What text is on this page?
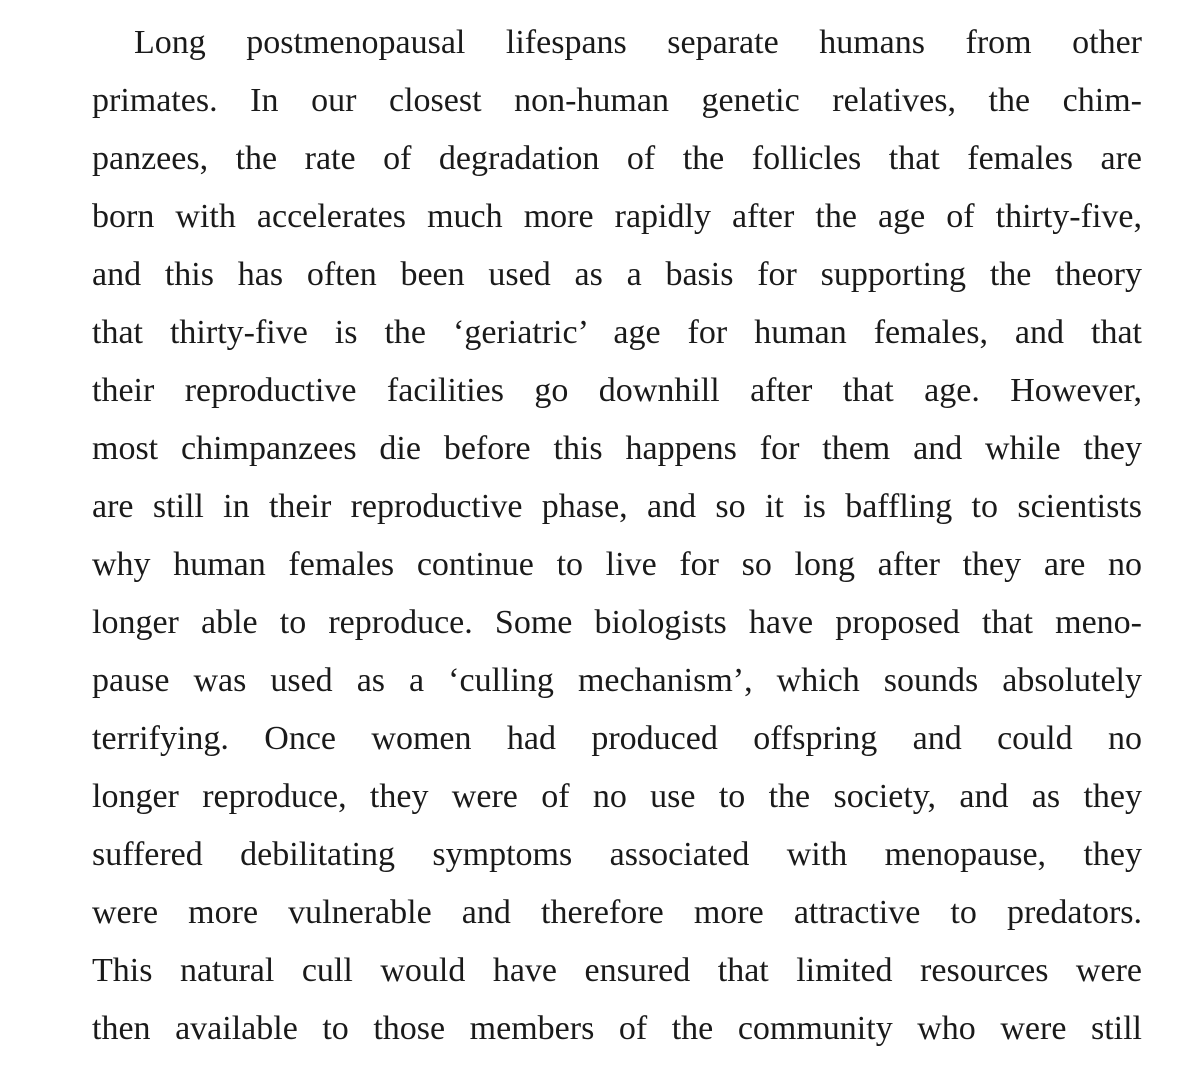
Long postmenopausal lifespans separate humans from other
primates. In our closest non-human genetic relatives, the chim-
panzees, the rate of degradation of the follicles that females are
born with accelerates much more rapidly after the age of thirty-five,
and this has often been used as a basis for supporting the theory
that thirty-five is the ‘geriatric’ age for human females, and that
their reproductive facilities go downhill after that age. However,
most chimpanzees die before this happens for them and while they
are still in their reproductive phase, and so it is baffling to scientists
why human females continue to live for so long after they are no
longer able to reproduce. Some biologists have proposed that meno-
pause was used as a ‘culling mechanism’, which sounds absolutely
terrifying. Once women had produced offspring and could no
longer reproduce, they were of no use to the society, and as they
suffered debilitating symptoms associated with menopause, they
were more vulnerable and therefore more attractive to predators.
This natural cull would have ensured that limited resources were
then available to those members of the community who were still
